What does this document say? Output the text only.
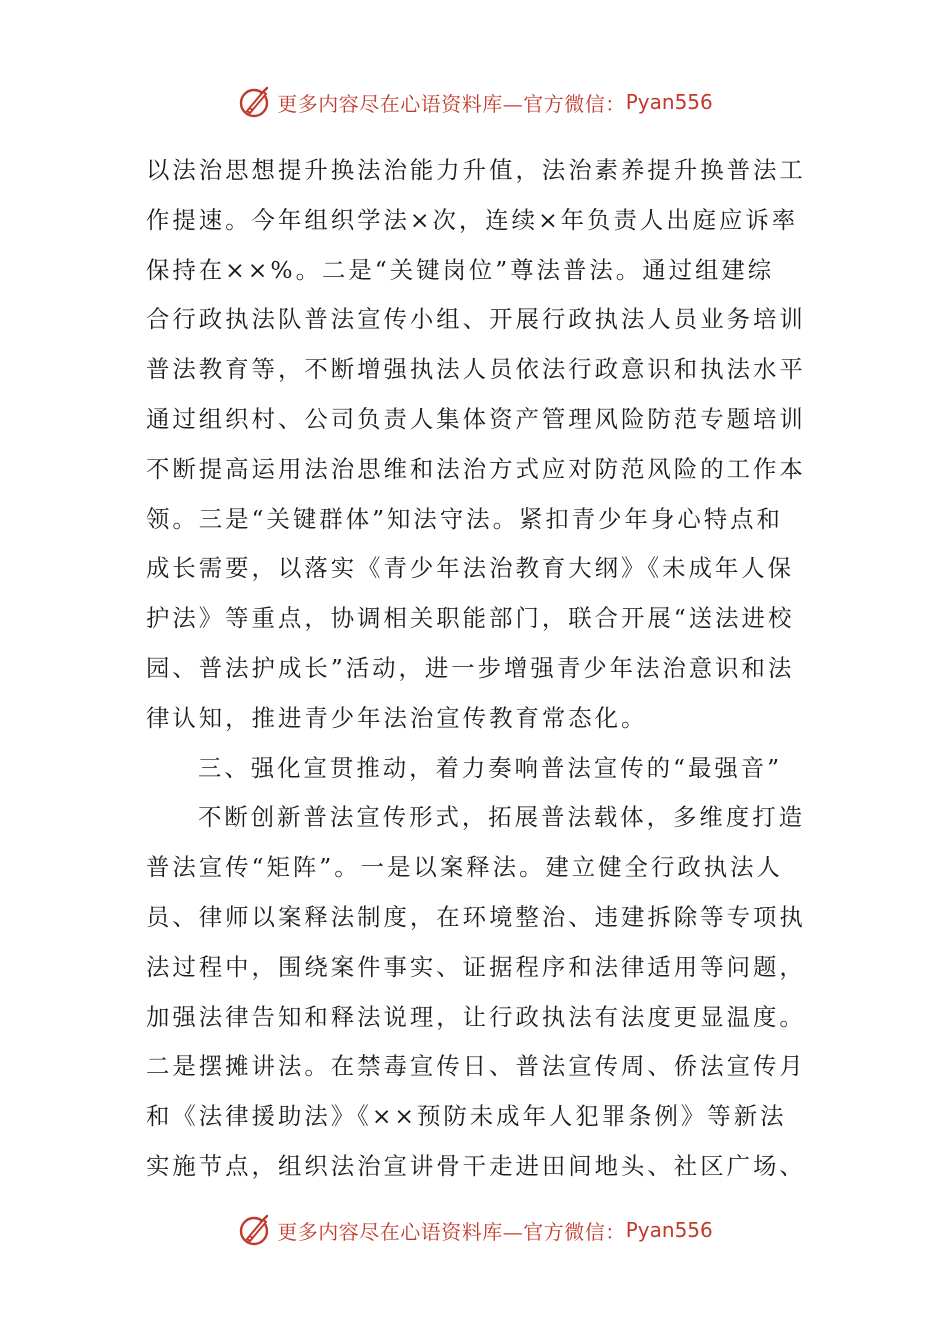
更多内容尽在心语资料库—官方微信： Pyan556

以法治思想提升换法治能力升值，法治素养提升换普法工
作提速。今年组织学法×次，连续×年负责人出庭应诉率
保持在××%。二是“关键岗位”尊法普法。通过组建综
合行政执法队普法宣传小组、开展行政执法人员业务培训
普法教育等，不断增强执法人员依法行政意识和执法水平
通过组织村、公司负责人集体资产管理风险防范专题培训
不断提高运用法治思维和法治方式应对防范风险的工作本
领。三是“关键群体”知法守法。紧扣青少年身心特点和
成长需要，以落实《青少年法治教育大纲》《未成年人保
护法》等重点，协调相关职能部门，联合开展“送法进校
园、普法护成长”活动，进一步增强青少年法治意识和法
律认知，推进青少年法治宣传教育常态化。

三、强化宣贯推动，着力奏响普法宣传的“最强音”

不断创新普法宣传形式，拓展普法载体，多维度打造
普法宣传“矩阵”。一是以案释法。建立健全行政执法人
员、律师以案释法制度，在环境整治、违建拆除等专项执
法过程中，围绕案件事实、证据程序和法律适用等问题，
加强法律告知和释法说理，让行政执法有法度更显温度。
二是摆摊讲法。在禁毒宣传日、普法宣传周、侨法宣传月
和《法律援助法》《××预防未成年人犯罪条例》等新法
实施节点，组织法治宣讲骨干走进田间地头、社区广场、

更多内容尽在心语资料库—官方微信： Pyan556
